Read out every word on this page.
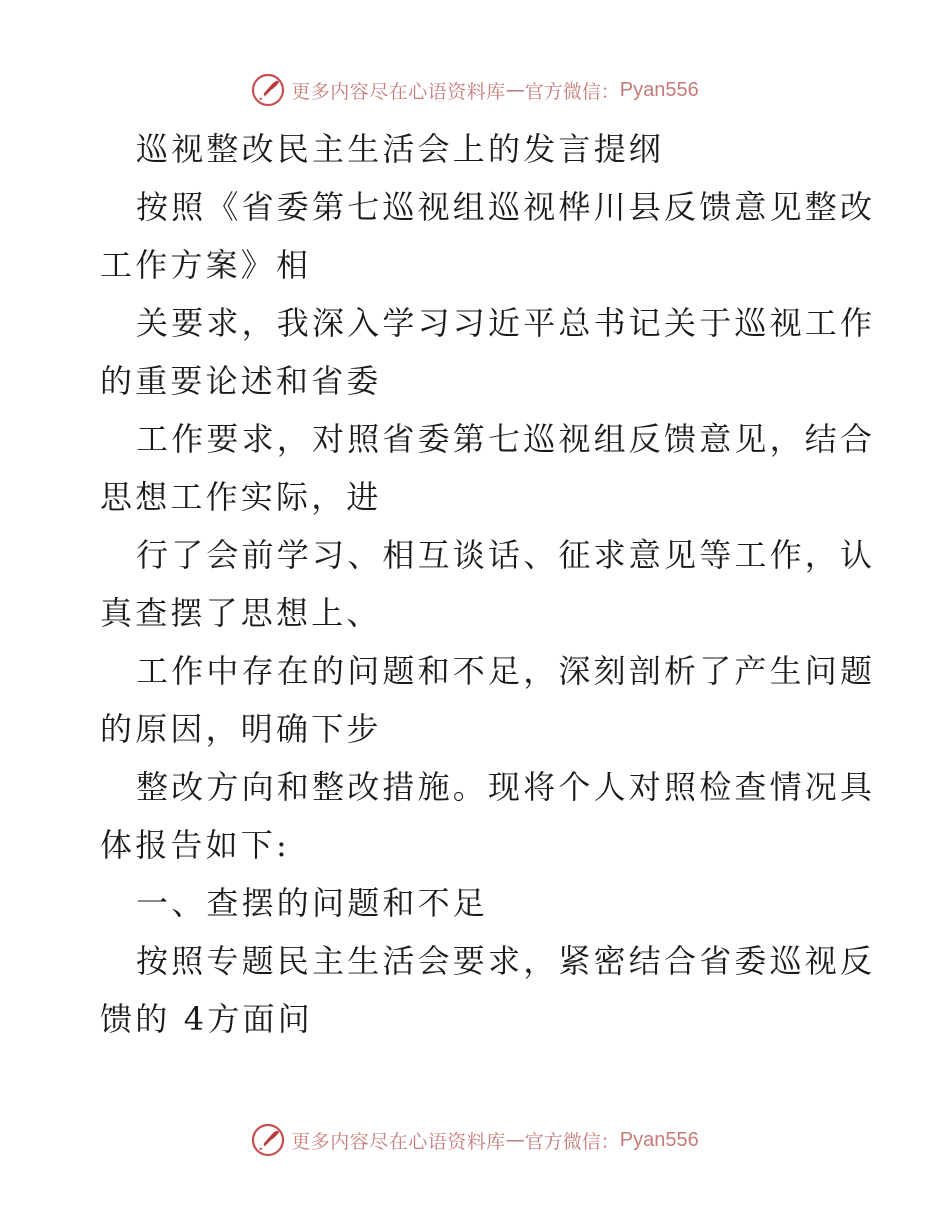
更多内容尽在心语资料库 — 官方微信： Pyan556
巡视整改民主生活会上的发言提纲
按照《省委第七巡视组巡视桦川县反馈意见整改
工作方案》相
关要求，我深入学习习近平总书记关于巡视工作
的重要论述和省委
工作要求，对照省委第七巡视组反馈意见，结合
思想工作实际，进
行了会前学习、相互谈话、征求意见等工作，认
真查摆了思想上、
工作中存在的问题和不足，深刻剖析了产生问题
的原因，明确下步
整改方向和整改措施。现将个人对照检查情况具
体报告如下:
一、查摆的问题和不足
按照专题民主生活会要求，紧密结合省委巡视反
馈的 4方面问
更多内容尽在心语资料库 — 官方微信： Pyan556
